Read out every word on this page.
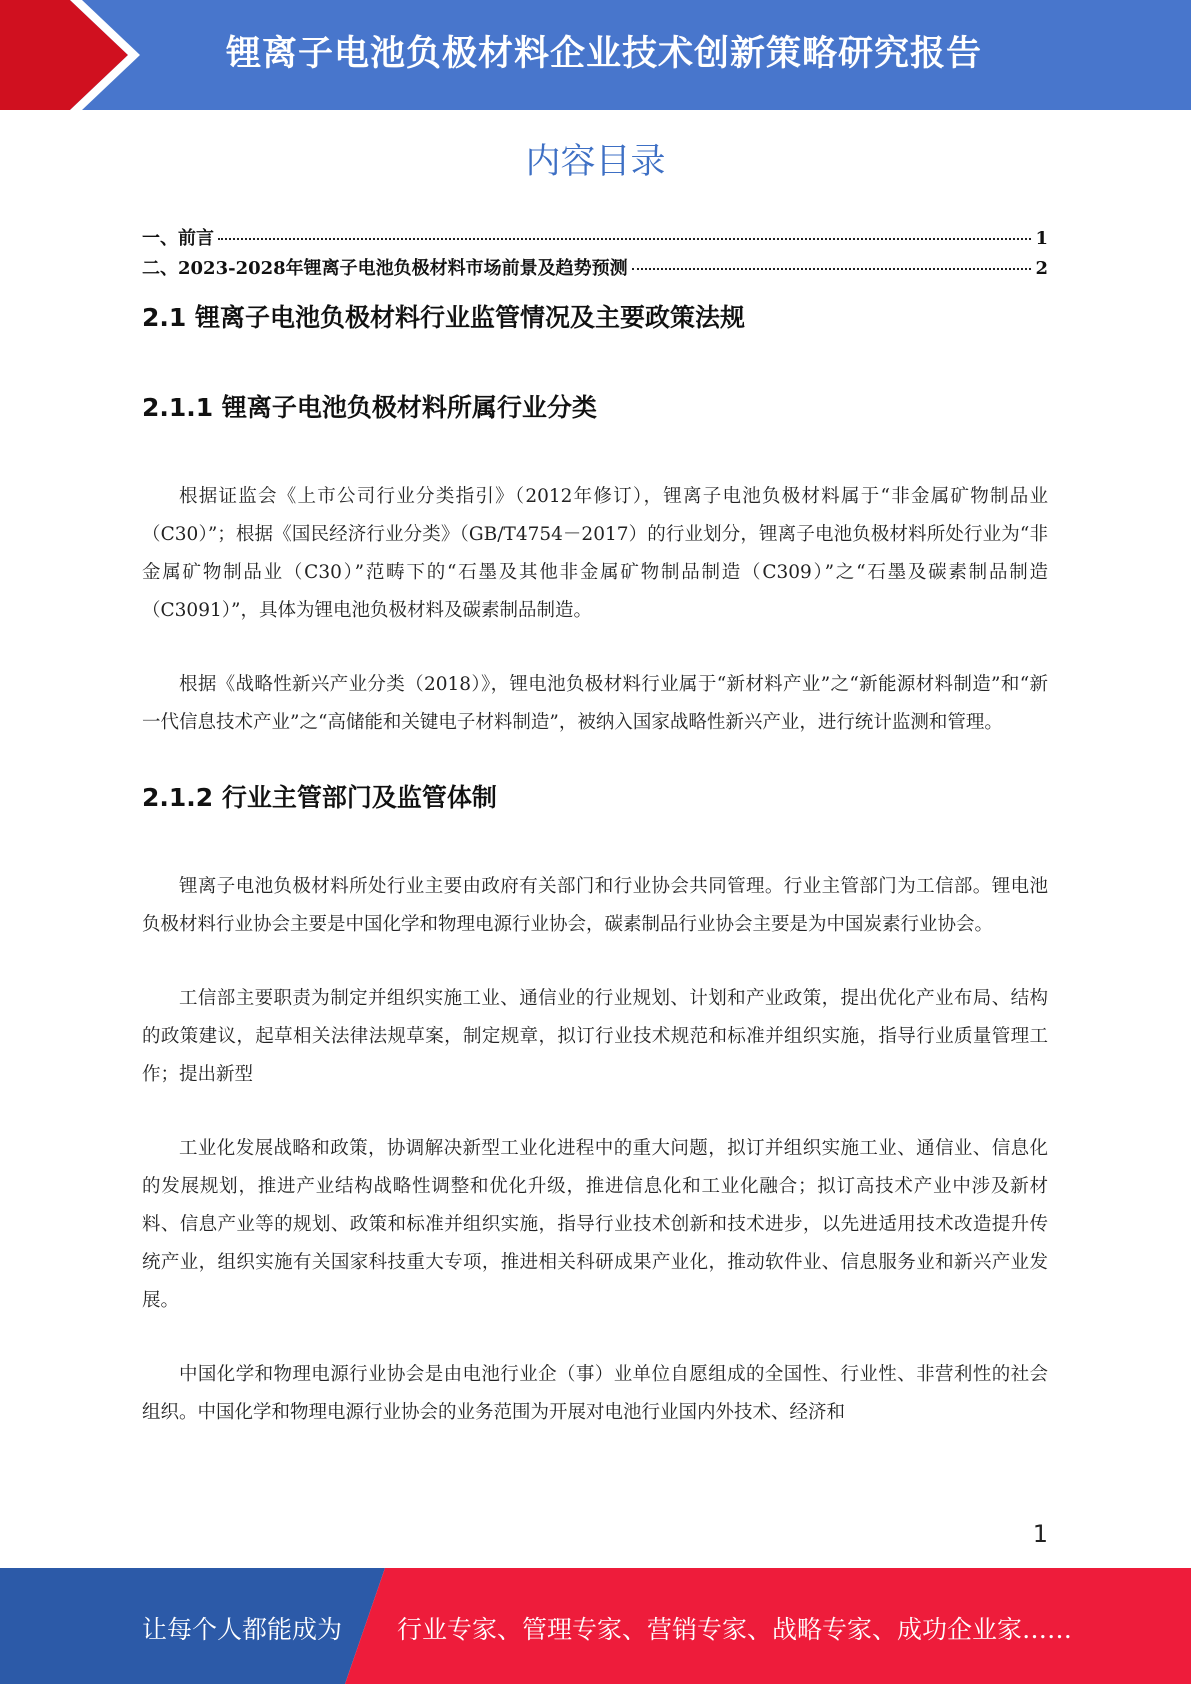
锂离子电池负极材料企业技术创新策略研究报告
内容目录
一、前言	1
二、2023-2028年锂离子电池负极材料市场前景及趋势预测	2
2.1 锂离子电池负极材料行业监管情况及主要政策法规
2.1.1 锂离子电池负极材料所属行业分类

根据证监会《上市公司行业分类指引》（2012年修订），锂离子电池负极材料属于“非金属矿物制品业（C30）”；根据《国民经济行业分类》（GB/T4754－2017）的行业划分，锂离子电池负极材料所处行业为“非金属矿物制品业（C30）”范畴下的“石墨及其他非金属矿物制品制造（C309）”之“石墨及碳素制品制造（C3091）”，具体为锂电池负极材料及碳素制品制造。

根据《战略性新兴产业分类（2018）》，锂电池负极材料行业属于“新材料产业”之“新能源材料制造”和“新一代信息技术产业”之“高储能和关键电子材料制造”，被纳入国家战略性新兴产业，进行统计监测和管理。

2.1.2 行业主管部门及监管体制

锂离子电池负极材料所处行业主要由政府有关部门和行业协会共同管理。行业主管部门为工信部。锂电池负极材料行业协会主要是中国化学和物理电源行业协会，碳素制品行业协会主要是为中国炭素行业协会。

工信部主要职责为制定并组织实施工业、通信业的行业规划、计划和产业政策，提出优化产业布局、结构的政策建议，起草相关法律法规草案，制定规章，拟订行业技术规范和标准并组织实施，指导行业质量管理工作；提出新型

工业化发展战略和政策，协调解决新型工业化进程中的重大问题，拟订并组织实施工业、通信业、信息化的发展规划，推进产业结构战略性调整和优化升级，推进信息化和工业化融合；拟订高技术产业中涉及新材料、信息产业等的规划、政策和标准并组织实施，指导行业技术创新和技术进步，以先进适用技术改造提升传统产业，组织实施有关国家科技重大专项，推进相关科研成果产业化，推动软件业、信息服务业和新兴产业发展。

中国化学和物理电源行业协会是由电池行业企（事）业单位自愿组成的全国性、行业性、非营利性的社会组织。中国化学和物理电源行业协会的业务范围为开展对电池行业国内外技术、经济和

1
让每个人都能成为 行业专家、管理专家、营销专家、战略专家、成功企业家……
